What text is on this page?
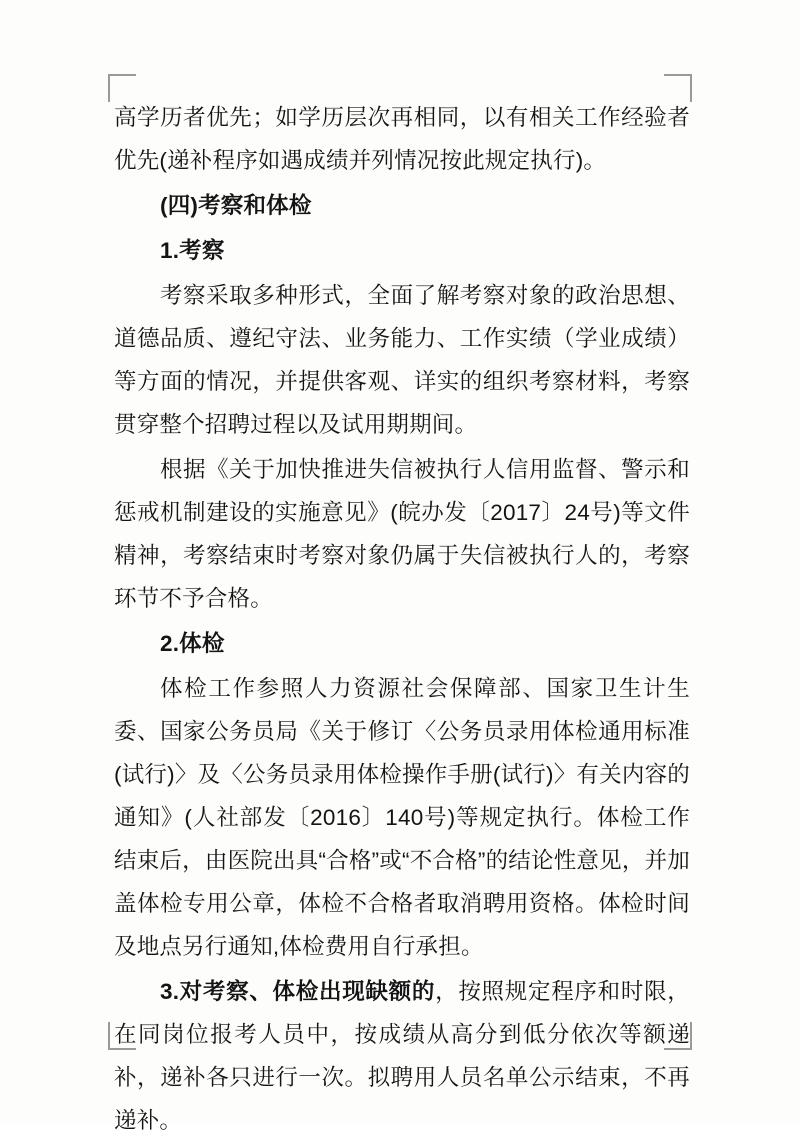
高学历者优先；如学历层次再相同，以有相关工作经验者优先(递补程序如遇成绩并列情况按此规定执行)。

(四)考察和体检

1.考察

考察采取多种形式，全面了解考察对象的政治思想、道德品质、遵纪守法、业务能力、工作实绩（学业成绩）等方面的情况，并提供客观、详实的组织考察材料，考察贯穿整个招聘过程以及试用期期间。

根据《关于加快推进失信被执行人信用监督、警示和惩戒机制建设的实施意见》(皖办发〔2017〕24号)等文件精神，考察结束时考察对象仍属于失信被执行人的，考察环节不予合格。

2.体检

体检工作参照人力资源社会保障部、国家卫生计生委、国家公务员局《关于修订〈公务员录用体检通用标准(试行)〉及〈公务员录用体检操作手册(试行)〉有关内容的通知》(人社部发〔2016〕140号)等规定执行。体检工作结束后，由医院出具“合格”或“不合格”的结论性意见，并加盖体检专用公章，体检不合格者取消聘用资格。体检时间及地点另行通知,体检费用自行承担。

3.对考察、体检出现缺额的，按照规定程序和时限，在同岗位报考人员中，按成绩从高分到低分依次等额递补，递补各只进行一次。拟聘用人员名单公示结束，不再递补。
